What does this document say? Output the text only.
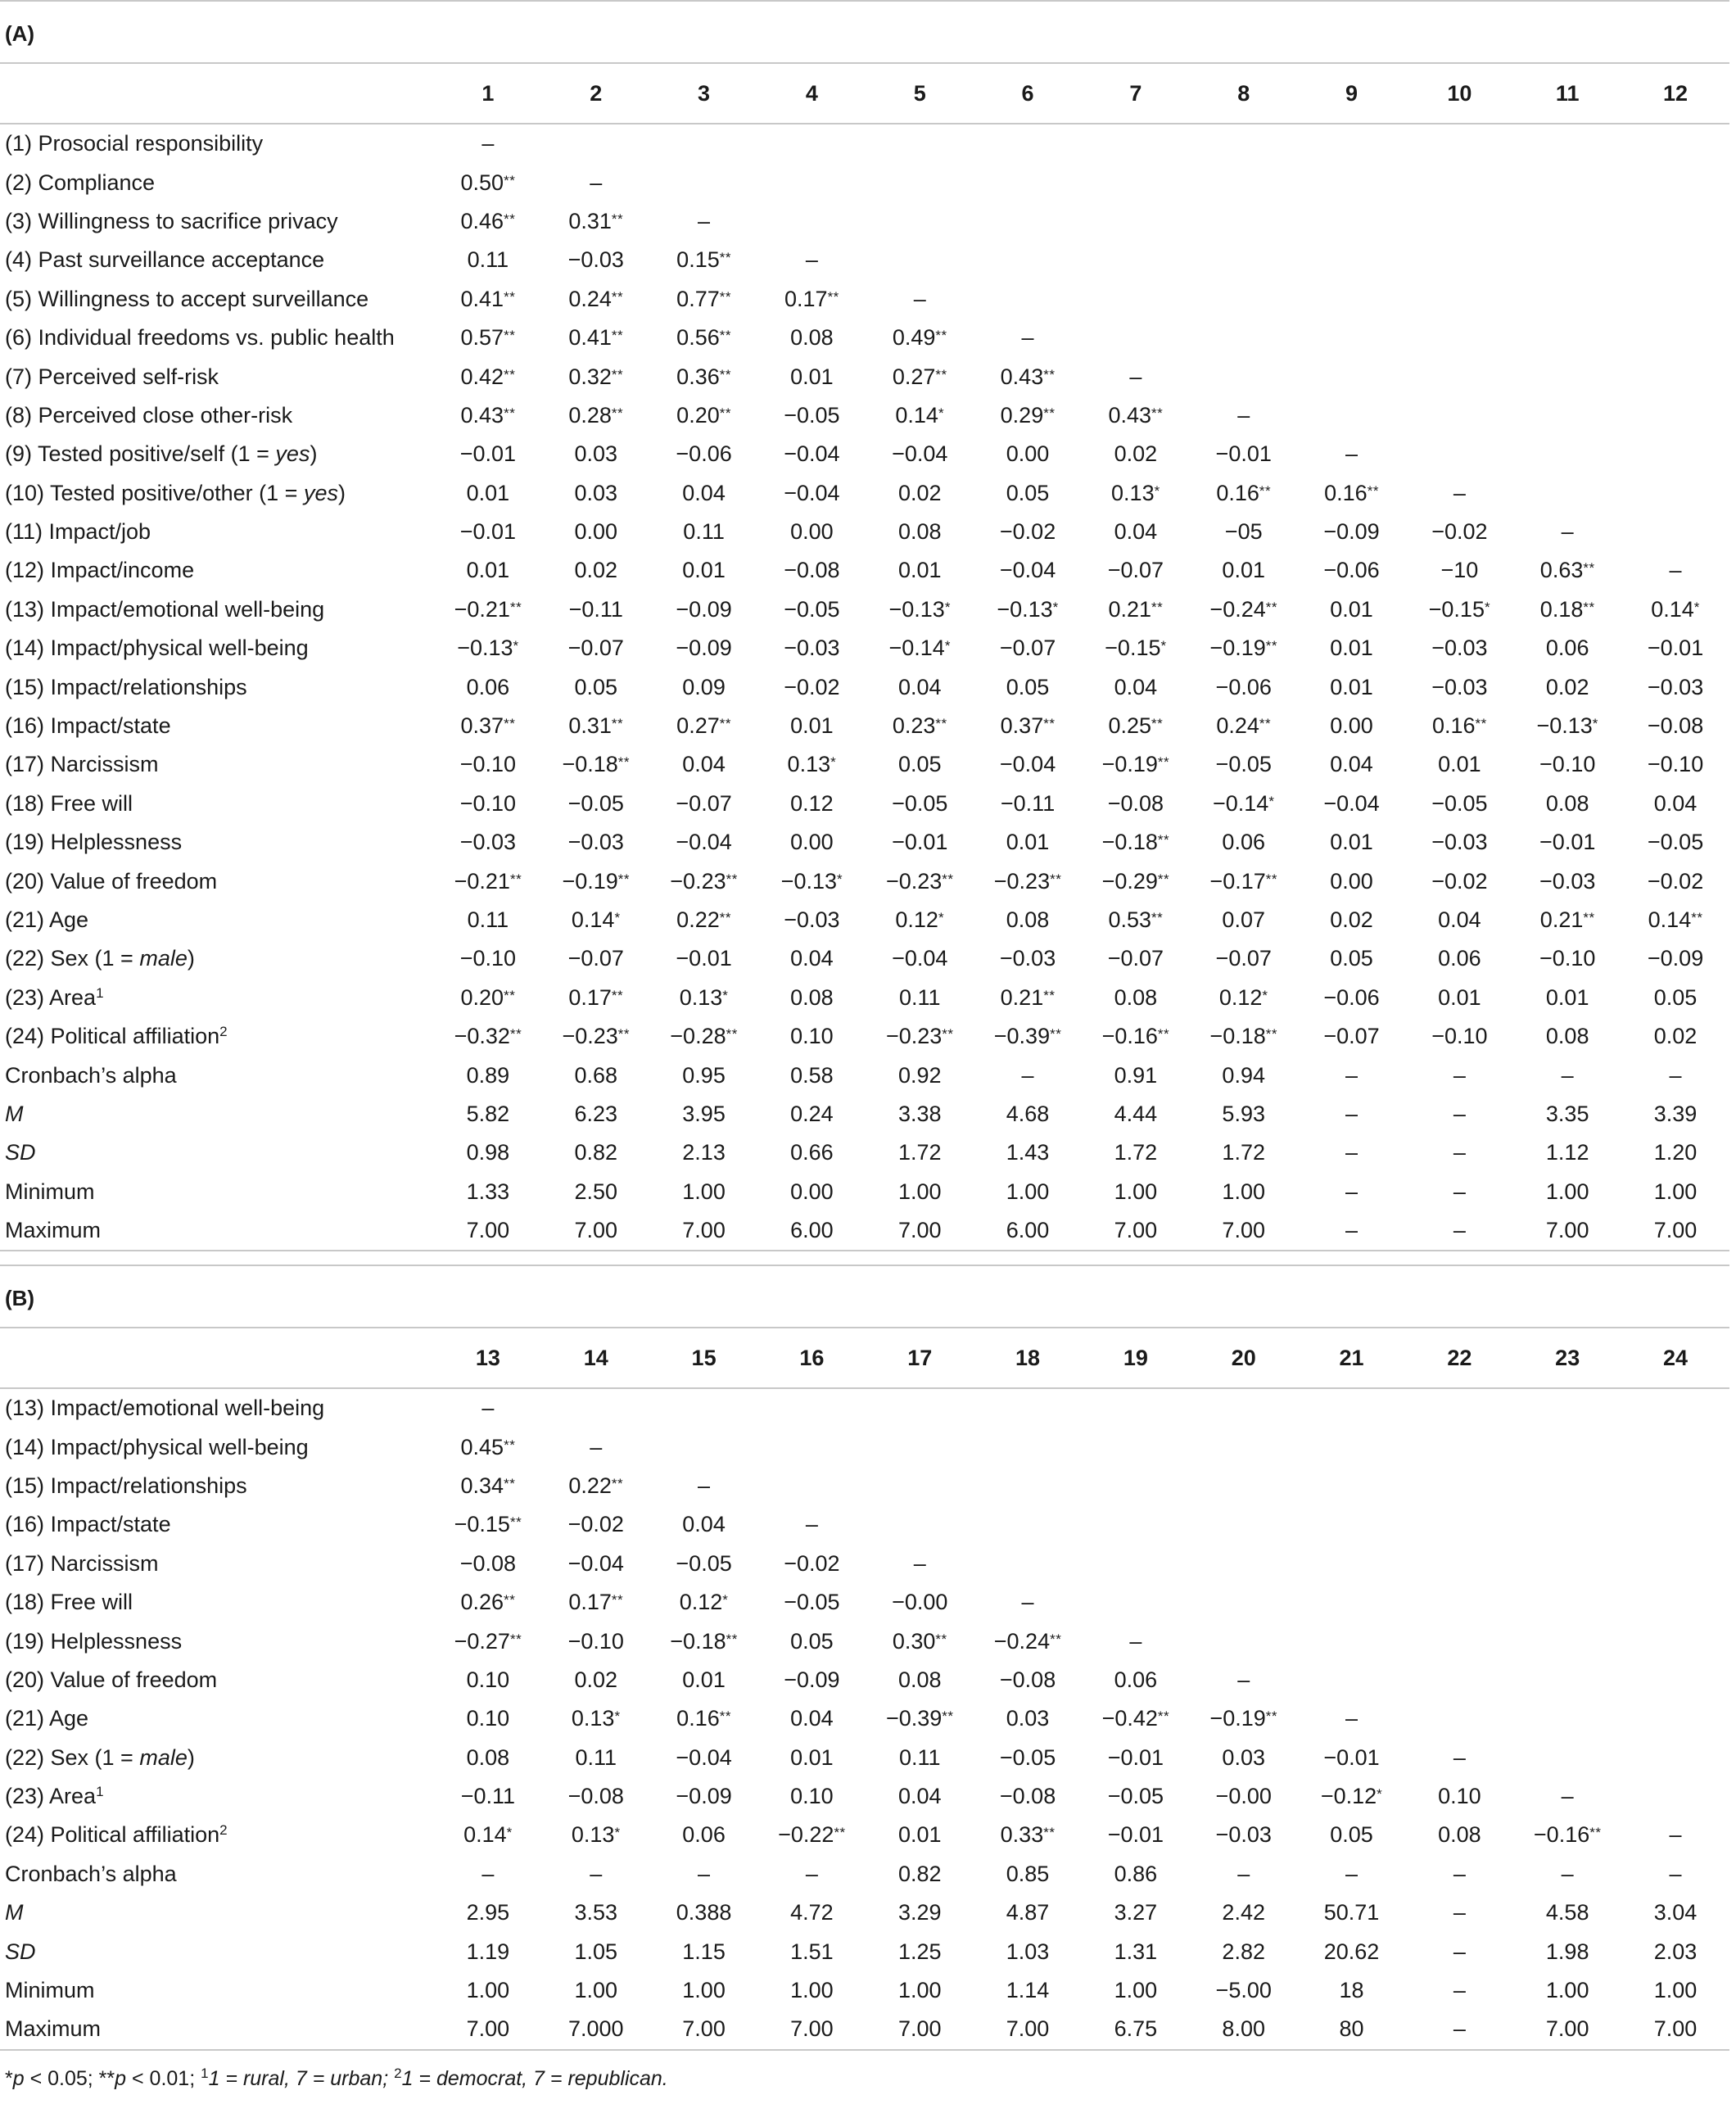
(A)
	1	2	3	4	5	6	7	8	9	10	11	12
(1) Prosocial responsibility	–											
(2) Compliance	0.50**	–										
(3) Willingness to sacrifice privacy	0.46**	0.31**	–									
(4) Past surveillance acceptance	0.11	−0.03	0.15**	–								
(5) Willingness to accept surveillance	0.41**	0.24**	0.77**	0.17**	–							
(6) Individual freedoms vs. public health	0.57**	0.41**	0.56**	0.08	0.49**	–						
(7) Perceived self-risk	0.42**	0.32**	0.36**	0.01	0.27**	0.43**	–					
(8) Perceived close other-risk	0.43**	0.28**	0.20**	−0.05	0.14*	0.29**	0.43**	–				
(9) Tested positive/self (1 = yes)	−0.01	0.03	−0.06	−0.04	−0.04	0.00	0.02	−0.01	–			
(10) Tested positive/other (1 = yes)	0.01	0.03	0.04	−0.04	0.02	0.05	0.13*	0.16**	0.16**	–		
(11) Impact/job	−0.01	0.00	0.11	0.00	0.08	−0.02	0.04	−05	−0.09	−0.02	–	
(12) Impact/income	0.01	0.02	0.01	−0.08	0.01	−0.04	−0.07	0.01	−0.06	−10	0.63**	–
(13) Impact/emotional well-being	−0.21**	−0.11	−0.09	−0.05	−0.13*	−0.13*	0.21**	−0.24**	0.01	−0.15*	0.18**	0.14*
(14) Impact/physical well-being	−0.13*	−0.07	−0.09	−0.03	−0.14*	−0.07	−0.15*	−0.19**	0.01	−0.03	0.06	−0.01
(15) Impact/relationships	0.06	0.05	0.09	−0.02	0.04	0.05	0.04	−0.06	0.01	−0.03	0.02	−0.03
(16) Impact/state	0.37**	0.31**	0.27**	0.01	0.23**	0.37**	0.25**	0.24**	0.00	0.16**	−0.13*	−0.08
(17) Narcissism	−0.10	−0.18**	0.04	0.13*	0.05	−0.04	−0.19**	−0.05	0.04	0.01	−0.10	−0.10
(18) Free will	−0.10	−0.05	−0.07	0.12	−0.05	−0.11	−0.08	−0.14*	−0.04	−0.05	0.08	0.04
(19) Helplessness	−0.03	−0.03	−0.04	0.00	−0.01	0.01	−0.18**	0.06	0.01	−0.03	−0.01	−0.05
(20) Value of freedom	−0.21**	−0.19**	−0.23**	−0.13*	−0.23**	−0.23**	−0.29**	−0.17**	0.00	−0.02	−0.03	−0.02
(21) Age	0.11	0.14*	0.22**	−0.03	0.12*	0.08	0.53**	0.07	0.02	0.04	0.21**	0.14**
(22) Sex (1 = male)	−0.10	−0.07	−0.01	0.04	−0.04	−0.03	−0.07	−0.07	0.05	0.06	−0.10	−0.09
(23) Area$^1$	0.20**	0.17**	0.13*	0.08	0.11	0.21**	0.08	0.12*	−0.06	0.01	0.01	0.05
(24) Political affiliation$^2$	−0.32**	−0.23**	−0.28**	0.10	−0.23**	−0.39**	−0.16**	−0.18**	−0.07	−0.10	0.08	0.02
Cronbach’s alpha	0.89	0.68	0.95	0.58	0.92	–	0.91	0.94	–	–	–	–
M	5.82	6.23	3.95	0.24	3.38	4.68	4.44	5.93	–	–	3.35	3.39
SD	0.98	0.82	2.13	0.66	1.72	1.43	1.72	1.72	–	–	1.12	1.20
Minimum	1.33	2.50	1.00	0.00	1.00	1.00	1.00	1.00	–	–	1.00	1.00
Maximum	7.00	7.00	7.00	6.00	7.00	6.00	7.00	7.00	–	–	7.00	7.00
(B)
	13	14	15	16	17	18	19	20	21	22	23	24
(13) Impact/emotional well-being	–											
(14) Impact/physical well-being	0.45**	–										
(15) Impact/relationships	0.34**	0.22**	–									
(16) Impact/state	−0.15**	−0.02	0.04	–								
(17) Narcissism	−0.08	−0.04	−0.05	−0.02	–							
(18) Free will	0.26**	0.17**	0.12*	−0.05	−0.00	–						
(19) Helplessness	−0.27**	−0.10	−0.18**	0.05	0.30**	−0.24**	–					
(20) Value of freedom	0.10	0.02	0.01	−0.09	0.08	−0.08	0.06	–				
(21) Age	0.10	0.13*	0.16**	0.04	−0.39**	0.03	−0.42**	−0.19**	–			
(22) Sex (1 = male)	0.08	0.11	−0.04	0.01	0.11	−0.05	−0.01	0.03	−0.01	–		
(23) Area$^1$	−0.11	−0.08	−0.09	0.10	0.04	−0.08	−0.05	−0.00	−0.12*	0.10	–	
(24) Political affiliation$^2$	0.14*	0.13*	0.06	−0.22**	0.01	0.33**	−0.01	−0.03	0.05	0.08	−0.16**	–
Cronbach’s alpha	–	–	–	–	0.82	0.85	0.86	–	–	–	–	–
M	2.95	3.53	0.388	4.72	3.29	4.87	3.27	2.42	50.71	–	4.58	3.04
SD	1.19	1.05	1.15	1.51	1.25	1.03	1.31	2.82	20.62	–	1.98	2.03
Minimum	1.00	1.00	1.00	1.00	1.00	1.14	1.00	−5.00	18	–	1.00	1.00
Maximum	7.00	7.000	7.00	7.00	7.00	7.00	6.75	8.00	80	–	7.00	7.00
*p < 0.05; **p < 0.01; $^1$1 = rural, 7 = urban; $^2$1 = democrat, 7 = republican.
